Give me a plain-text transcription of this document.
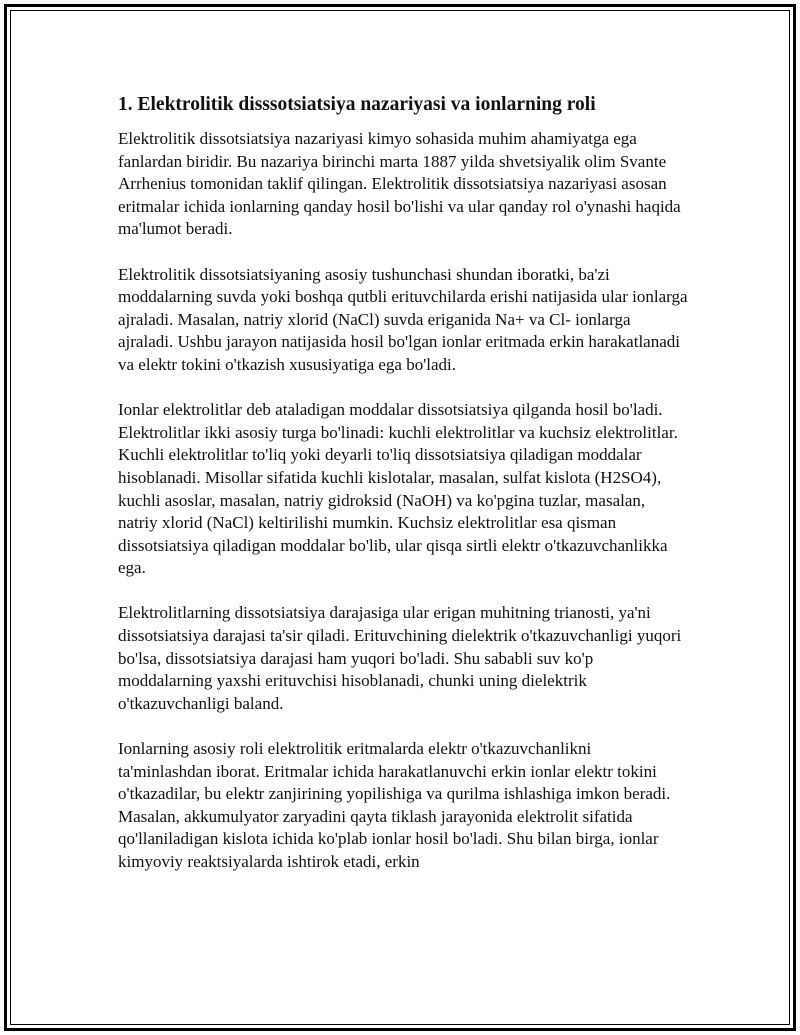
1. Elektrolitik disssotsiatsiya nazariyasi va ionlarning roli

Elektrolitik dissotsiatsiya nazariyasi kimyo sohasida muhim ahamiyatga ega fanlardan biridir. Bu nazariya birinchi marta 1887 yilda shvetsiyalik olim Svante Arrhenius tomonidan taklif qilingan. Elektrolitik dissotsiatsiya nazariyasi asosan eritmalar ichida ionlarning qanday hosil bo'lishi va ular qanday rol o'ynashi haqida ma'lumot beradi.

Elektrolitik dissotsiatsiyaning asosiy tushunchasi shundan iboratki, ba'zi moddalarning suvda yoki boshqa qutbli erituvchilarda erishi natijasida ular ionlarga ajraladi. Masalan, natriy xlorid (NaCl) suvda eriganida Na+ va Cl- ionlarga ajraladi. Ushbu jarayon natijasida hosil bo'lgan ionlar eritmada erkin harakatlanadi va elektr tokini o'tkazish xususiyatiga ega bo'ladi.

Ionlar elektrolitlar deb ataladigan moddalar dissotsiatsiya qilganda hosil bo'ladi. Elektrolitlar ikki asosiy turga bo'linadi: kuchli elektrolitlar va kuchsiz elektrolitlar. Kuchli elektrolitlar to'liq yoki deyarli to'liq dissotsiatsiya qiladigan moddalar hisoblanadi. Misollar sifatida kuchli kislotalar, masalan, sulfat kislota (H2SO4), kuchli asoslar, masalan, natriy gidroksid (NaOH) va ko'pgina tuzlar, masalan, natriy xlorid (NaCl) keltirilishi mumkin. Kuchsiz elektrolitlar esa qisman dissotsiatsiya qiladigan moddalar bo'lib, ular qisqa sirtli elektr o'tkazuvchanlikka ega.

Elektrolitlarning dissotsiatsiya darajasiga ular erigan muhitning trianosti, ya'ni dissotsiatsiya darajasi ta'sir qiladi. Erituvchining dielektrik o'tkazuvchanligi yuqori bo'lsa, dissotsiatsiya darajasi ham yuqori bo'ladi. Shu sababli suv ko'p moddalarning yaxshi erituvchisi hisoblanadi, chunki uning dielektrik o'tkazuvchanligi baland.

Ionlarning asosiy roli elektrolitik eritmalarda elektr o'tkazuvchanlikni ta'minlashdan iborat. Eritmalar ichida harakatlanuvchi erkin ionlar elektr tokini o'tkazadilar, bu elektr zanjirining yopilishiga va qurilma ishlashiga imkon beradi. Masalan, akkumulyator zaryadini qayta tiklash jarayonida elektrolit sifatida qo'llaniladigan kislota ichida ko'plab ionlar hosil bo'ladi. Shu bilan birga, ionlar kimyoviy reaktsiyalarda ishtirok etadi, erkin
